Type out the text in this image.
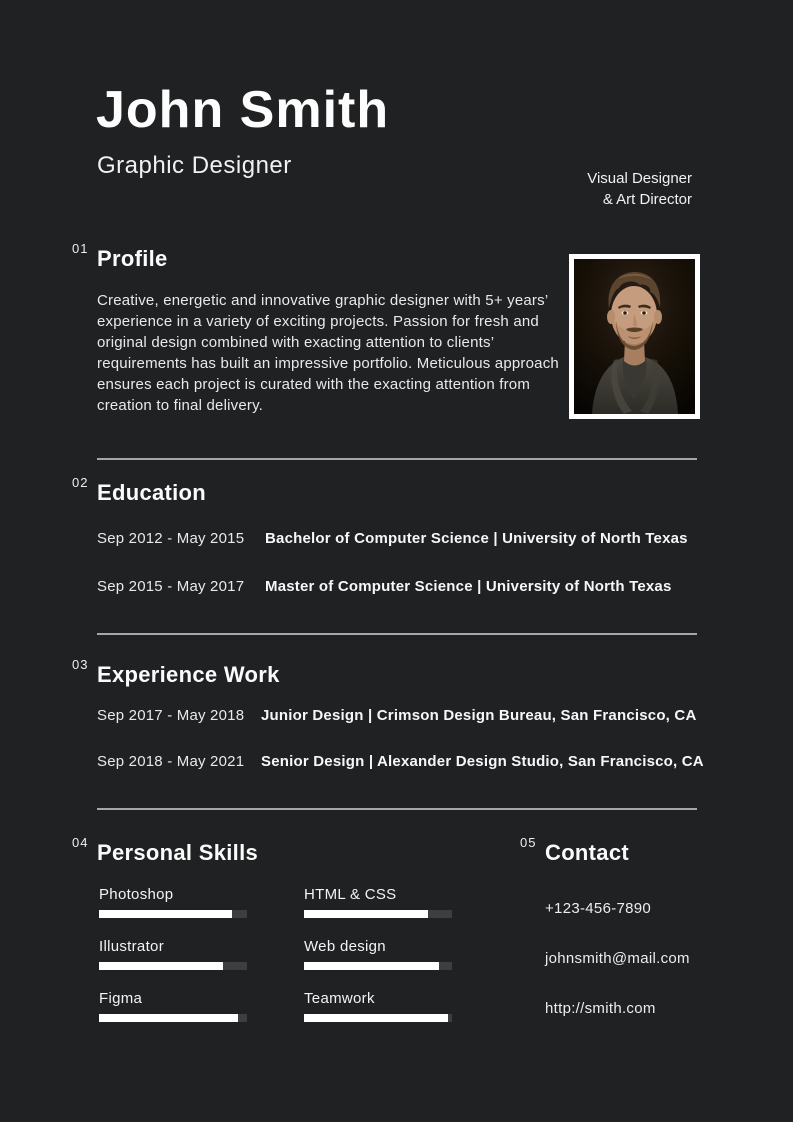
John Smith
Graphic Designer	Visual Designer
& Art Director
01 Profile
Creative, energetic and innovative graphic designer with 5+ years’ experience in a variety of exciting projects. Passion for fresh and original design combined with exacting attention to clients’ requirements has built an impressive portfolio. Meticulous approach ensures each project is curated with the exacting attention from creation to final delivery.
02 Education
Sep 2012 - May 2015	Bachelor of Computer Science | University of North Texas
Sep 2015 - May 2017	Master of Computer Science | University of North Texas
03 Experience Work
Sep 2017 - May 2018	Junior Design | Crimson Design Bureau, San Francisco, CA
Sep 2018 - May 2021	Senior Design | Alexander Design Studio, San Francisco, CA
04 Personal Skills
Photoshop
Illustrator
Figma
HTML & CSS
Web design
Teamwork
05 Contact
+123-456-7890
johnsmith@mail.com
http://smith.com
